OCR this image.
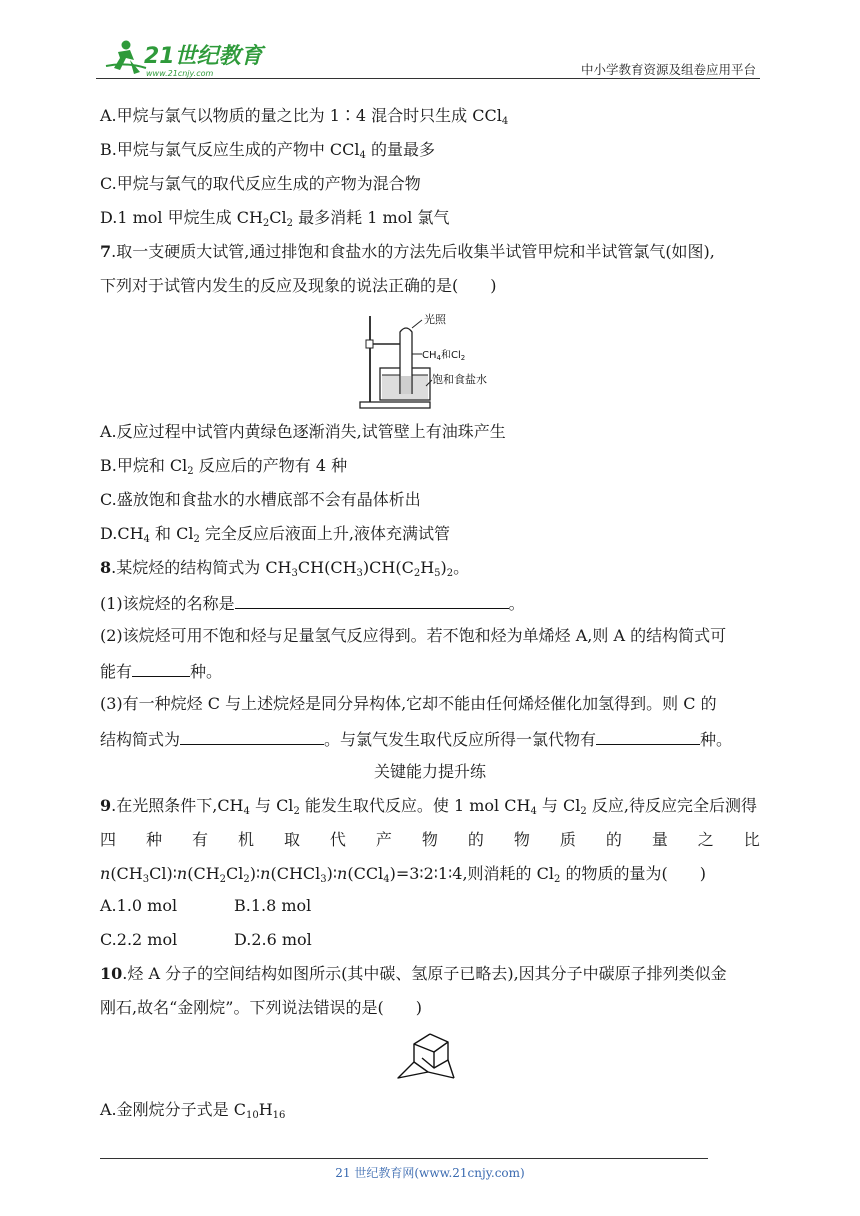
21世纪教育
www.21cnjy.com	中小学教育资源及组卷应用平台
A.甲烷与氯气以物质的量之比为 1∶4 混合时只生成 CCl$_4$
B.甲烷与氯气反应生成的产物中 CCl$_4$ 的量最多
C.甲烷与氯气的取代反应生成的产物为混合物
D.1 mol 甲烷生成 $CH_2Cl_2$ 最多消耗 1 mol 氯气
7.取一支硬质大试管,通过排饱和食盐水的方法先后收集半试管甲烷和半试管氯气(如图),
下列对于试管内发生的反应及现象的说法正确的是(　　)
光照
$CH_4$和$Cl_2$
饱和食盐水
A.反应过程中试管内黄绿色逐渐消失,试管壁上有油珠产生
B.甲烷和 $Cl_2$ 反应后的产物有 4 种
C.盛放饱和食盐水的水槽底部不会有晶体析出
$D.CH_4$ 和 $Cl_2$ 完全反应后液面上升,液体充满试管
8.某烷烃的结构简式为 $CH_3CH(CH_3)CH(C_2H_5)_2$。
(1)该烷烃的名称是	。
(2)该烷烃可用不饱和烃与足量氢气反应得到。若不饱和烃为单烯烃 A,则 A 的结构简式可
能有	种。
(3)有一种烷烃 C 与上述烷烃是同分异构体,它却不能由任何烯烃催化加氢得到。则 C 的
结构简式为	。与氯气发生取代反应所得一氯代物有	种。
关键能力提升练
9.在光照条件下$,CH_4$ 与 $Cl_2$ 能发生取代反应。使 1 mol $CH_4$ 与 $Cl_2$ 反应,待反应完全后测得
四 种 有 机 取 代 产 物 的 物 质 的 量 之 比
$n(CH_3Cl)∶n(CH_2Cl_2)∶n(CHCl_3)∶n(CCl_4)=3∶2∶1∶4$,则消耗的 $Cl_2$ 的物质的量为(　　)
A.1.0 mol	B.1.8 mol
C.2.2 mol	D.2.6 mol
10.烃 A 分子的空间结构如图所示(其中碳、氢原子已略去),因其分子中碳原子排列类似金
刚石,故名“金刚烷”。下列说法错误的是(　　)
A.金刚烷分子式是 $C_{10}H_{16}$
21 世纪教育网(www.21cnjy.com)
